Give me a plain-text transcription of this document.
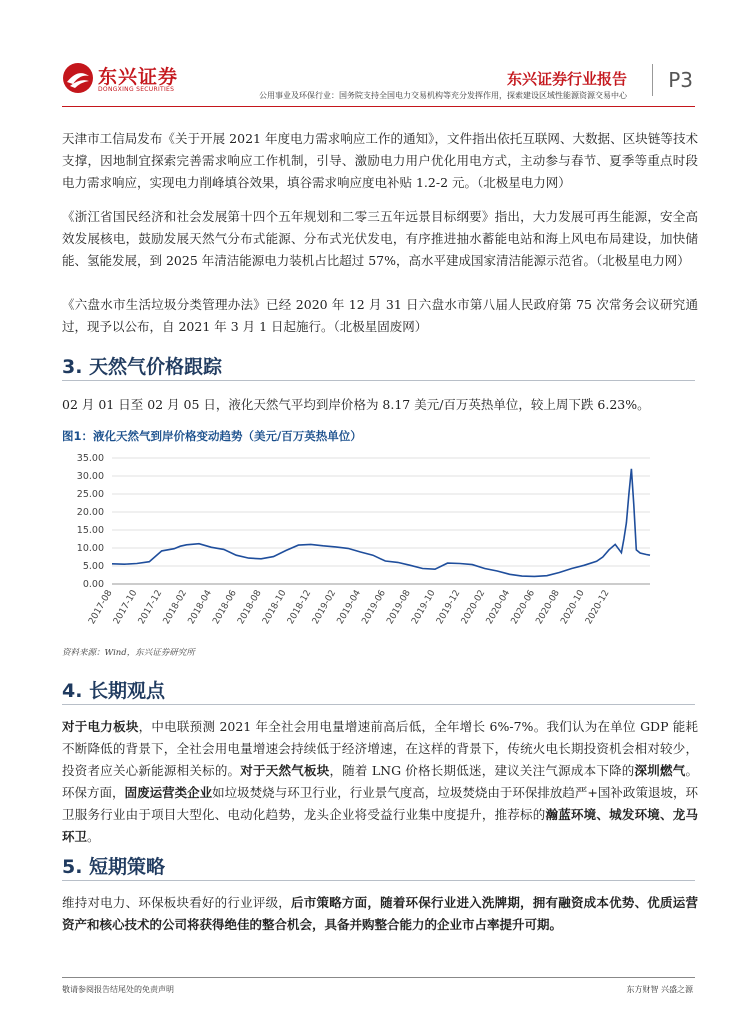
东兴证券
DONGXING SECURITIES
东兴证券行业报告 P3
公用事业及环保行业：国务院支持全国电力交易机构等充分发挥作用，探索建设区域性能源资源交易中心
天津市工信局发布《关于开展 2021 年度电力需求响应工作的通知》，文件指出依托互联网、大数据、区块链等技术支撑，因地制宜探索完善需求响应工作机制，引导、激励电力用户优化用电方式，主动参与春节、夏季等重点时段电力需求响应，实现电力削峰填谷效果，填谷需求响应度电补贴 1.2-2 元。（北极星电力网）
《浙江省国民经济和社会发展第十四个五年规划和二零三五年远景目标纲要》指出，大力发展可再生能源，安全高效发展核电，鼓励发展天然气分布式能源、分布式光伏发电，有序推进抽水蓄能电站和海上风电布局建设，加快储能、氢能发展，到 2025 年清洁能源电力装机占比超过 57%，高水平建成国家清洁能源示范省。（北极星电力网）
《六盘水市生活垃圾分类管理办法》已经 2020 年 12 月 31 日六盘水市第八届人民政府第 75 次常务会议研究通过，现予以公布，自 2021 年 3 月 1 日起施行。（北极星固废网）
3. 天然气价格跟踪
02 月 01 日至 02 月 05 日，液化天然气平均到岸价格为 8.17 美元/百万英热单位，较上周下跌 6.23%。
图1：液化天然气到岸价格变动趋势（美元/百万英热单位）
0.00
5.00
10.00
15.00
20.00
25.00
30.00
35.00
2017-08
2017-10
2017-12
2018-02
2018-04
2018-06
2018-08
2018-10
2018-12
2019-02
2019-04
2019-06
2019-08
2019-10
2019-12
2020-02
2020-04
2020-06
2020-08
2020-10
2020-12
资料来源：Wind，东兴证券研究所
4. 长期观点
对于电力板块，中电联预测 2021 年全社会用电量增速前高后低，全年增长 6%-7%。我们认为在单位 GDP 能耗不断降低的背景下，全社会用电量增速会持续低于经济增速，在这样的背景下，传统火电长期投资机会相对较少，投资者应关心新能源相关标的。对于天然气板块，随着 LNG 价格长期低迷，建议关注气源成本下降的深圳燃气。环保方面，固废运营类企业如垃圾焚烧与环卫行业，行业景气度高，垃圾焚烧由于环保排放趋严+国补政策退坡，环卫服务行业由于项目大型化、电动化趋势，龙头企业将受益行业集中度提升，推荐标的瀚蓝环境、城发环境、龙马环卫。
5. 短期策略
维持对电力、环保板块看好的行业评级，后市策略方面，随着环保行业进入洗牌期，拥有融资成本优势、优质运营资产和核心技术的公司将获得绝佳的整合机会，具备并购整合能力的企业市占率提升可期。
敬请参阅报告结尾处的免责声明	东方财智 兴盛之源
